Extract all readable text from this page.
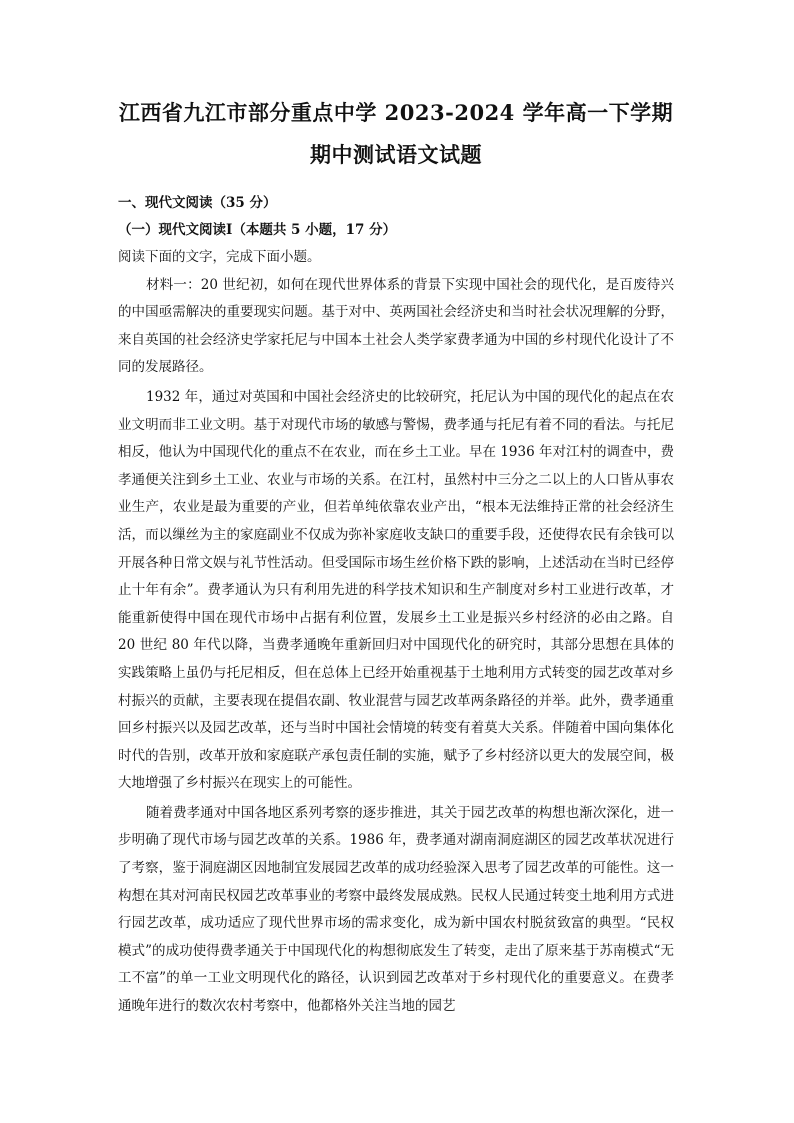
江西省九江市部分重点中学 2023-2024 学年高一下学期
期中测试语文试题

一、现代文阅读（35 分）

（一）现代文阅读Ⅰ（本题共 5 小题，17 分）

阅读下面的文字，完成下面小题。

材料一：20 世纪初，如何在现代世界体系的背景下实现中国社会的现代化，是百废待兴的中国亟需解决的重要现实问题。基于对中、英两国社会经济史和当时社会状况理解的分野，来自英国的社会经济史学家托尼与中国本土社会人类学家费孝通为中国的乡村现代化设计了不同的发展路径。

1932 年，通过对英国和中国社会经济史的比较研究，托尼认为中国的现代化的起点在农业文明而非工业文明。基于对现代市场的敏感与警惕，费孝通与托尼有着不同的看法。与托尼相反，他认为中国现代化的重点不在农业，而在乡土工业。早在 1936 年对江村的调查中，费孝通便关注到乡土工业、农业与市场的关系。在江村，虽然村中三分之二以上的人口皆从事农业生产，农业是最为重要的产业，但若单纯依靠农业产出，“根本无法维持正常的社会经济生活，而以缫丝为主的家庭副业不仅成为弥补家庭收支缺口的重要手段，还使得农民有余钱可以开展各种日常文娱与礼节性活动。但受国际市场生丝价格下跌的影响，上述活动在当时已经停止十年有余”。费孝通认为只有利用先进的科学技术知识和生产制度对乡村工业进行改革，才能重新使得中国在现代市场中占据有利位置，发展乡土工业是振兴乡村经济的必由之路。自 20 世纪 80 年代以降，当费孝通晚年重新回归对中国现代化的研究时，其部分思想在具体的实践策略上虽仍与托尼相反，但在总体上已经开始重视基于土地利用方式转变的园艺改革对乡村振兴的贡献，主要表现在提倡农副、牧业混营与园艺改革两条路径的并举。此外，费孝通重回乡村振兴以及园艺改革，还与当时中国社会情境的转变有着莫大关系。伴随着中国向集体化时代的告别，改革开放和家庭联产承包责任制的实施，赋予了乡村经济以更大的发展空间，极大地增强了乡村振兴在现实上的可能性。

随着费孝通对中国各地区系列考察的逐步推进，其关于园艺改革的构想也渐次深化，进一步明确了现代市场与园艺改革的关系。1986 年，费孝通对湖南洞庭湖区的园艺改革状况进行了考察，鉴于洞庭湖区因地制宜发展园艺改革的成功经验深入思考了园艺改革的可能性。这一构想在其对河南民权园艺改革事业的考察中最终发展成熟。民权人民通过转变土地利用方式进行园艺改革，成功适应了现代世界市场的需求变化，成为新中国农村脱贫致富的典型。“民权模式”的成功使得费孝通关于中国现代化的构想彻底发生了转变，走出了原来基于苏南模式“无工不富”的单一工业文明现代化的路径，认识到园艺改革对于乡村现代化的重要意义。在费孝通晚年进行的数次农村考察中，他都格外关注当地的园艺
